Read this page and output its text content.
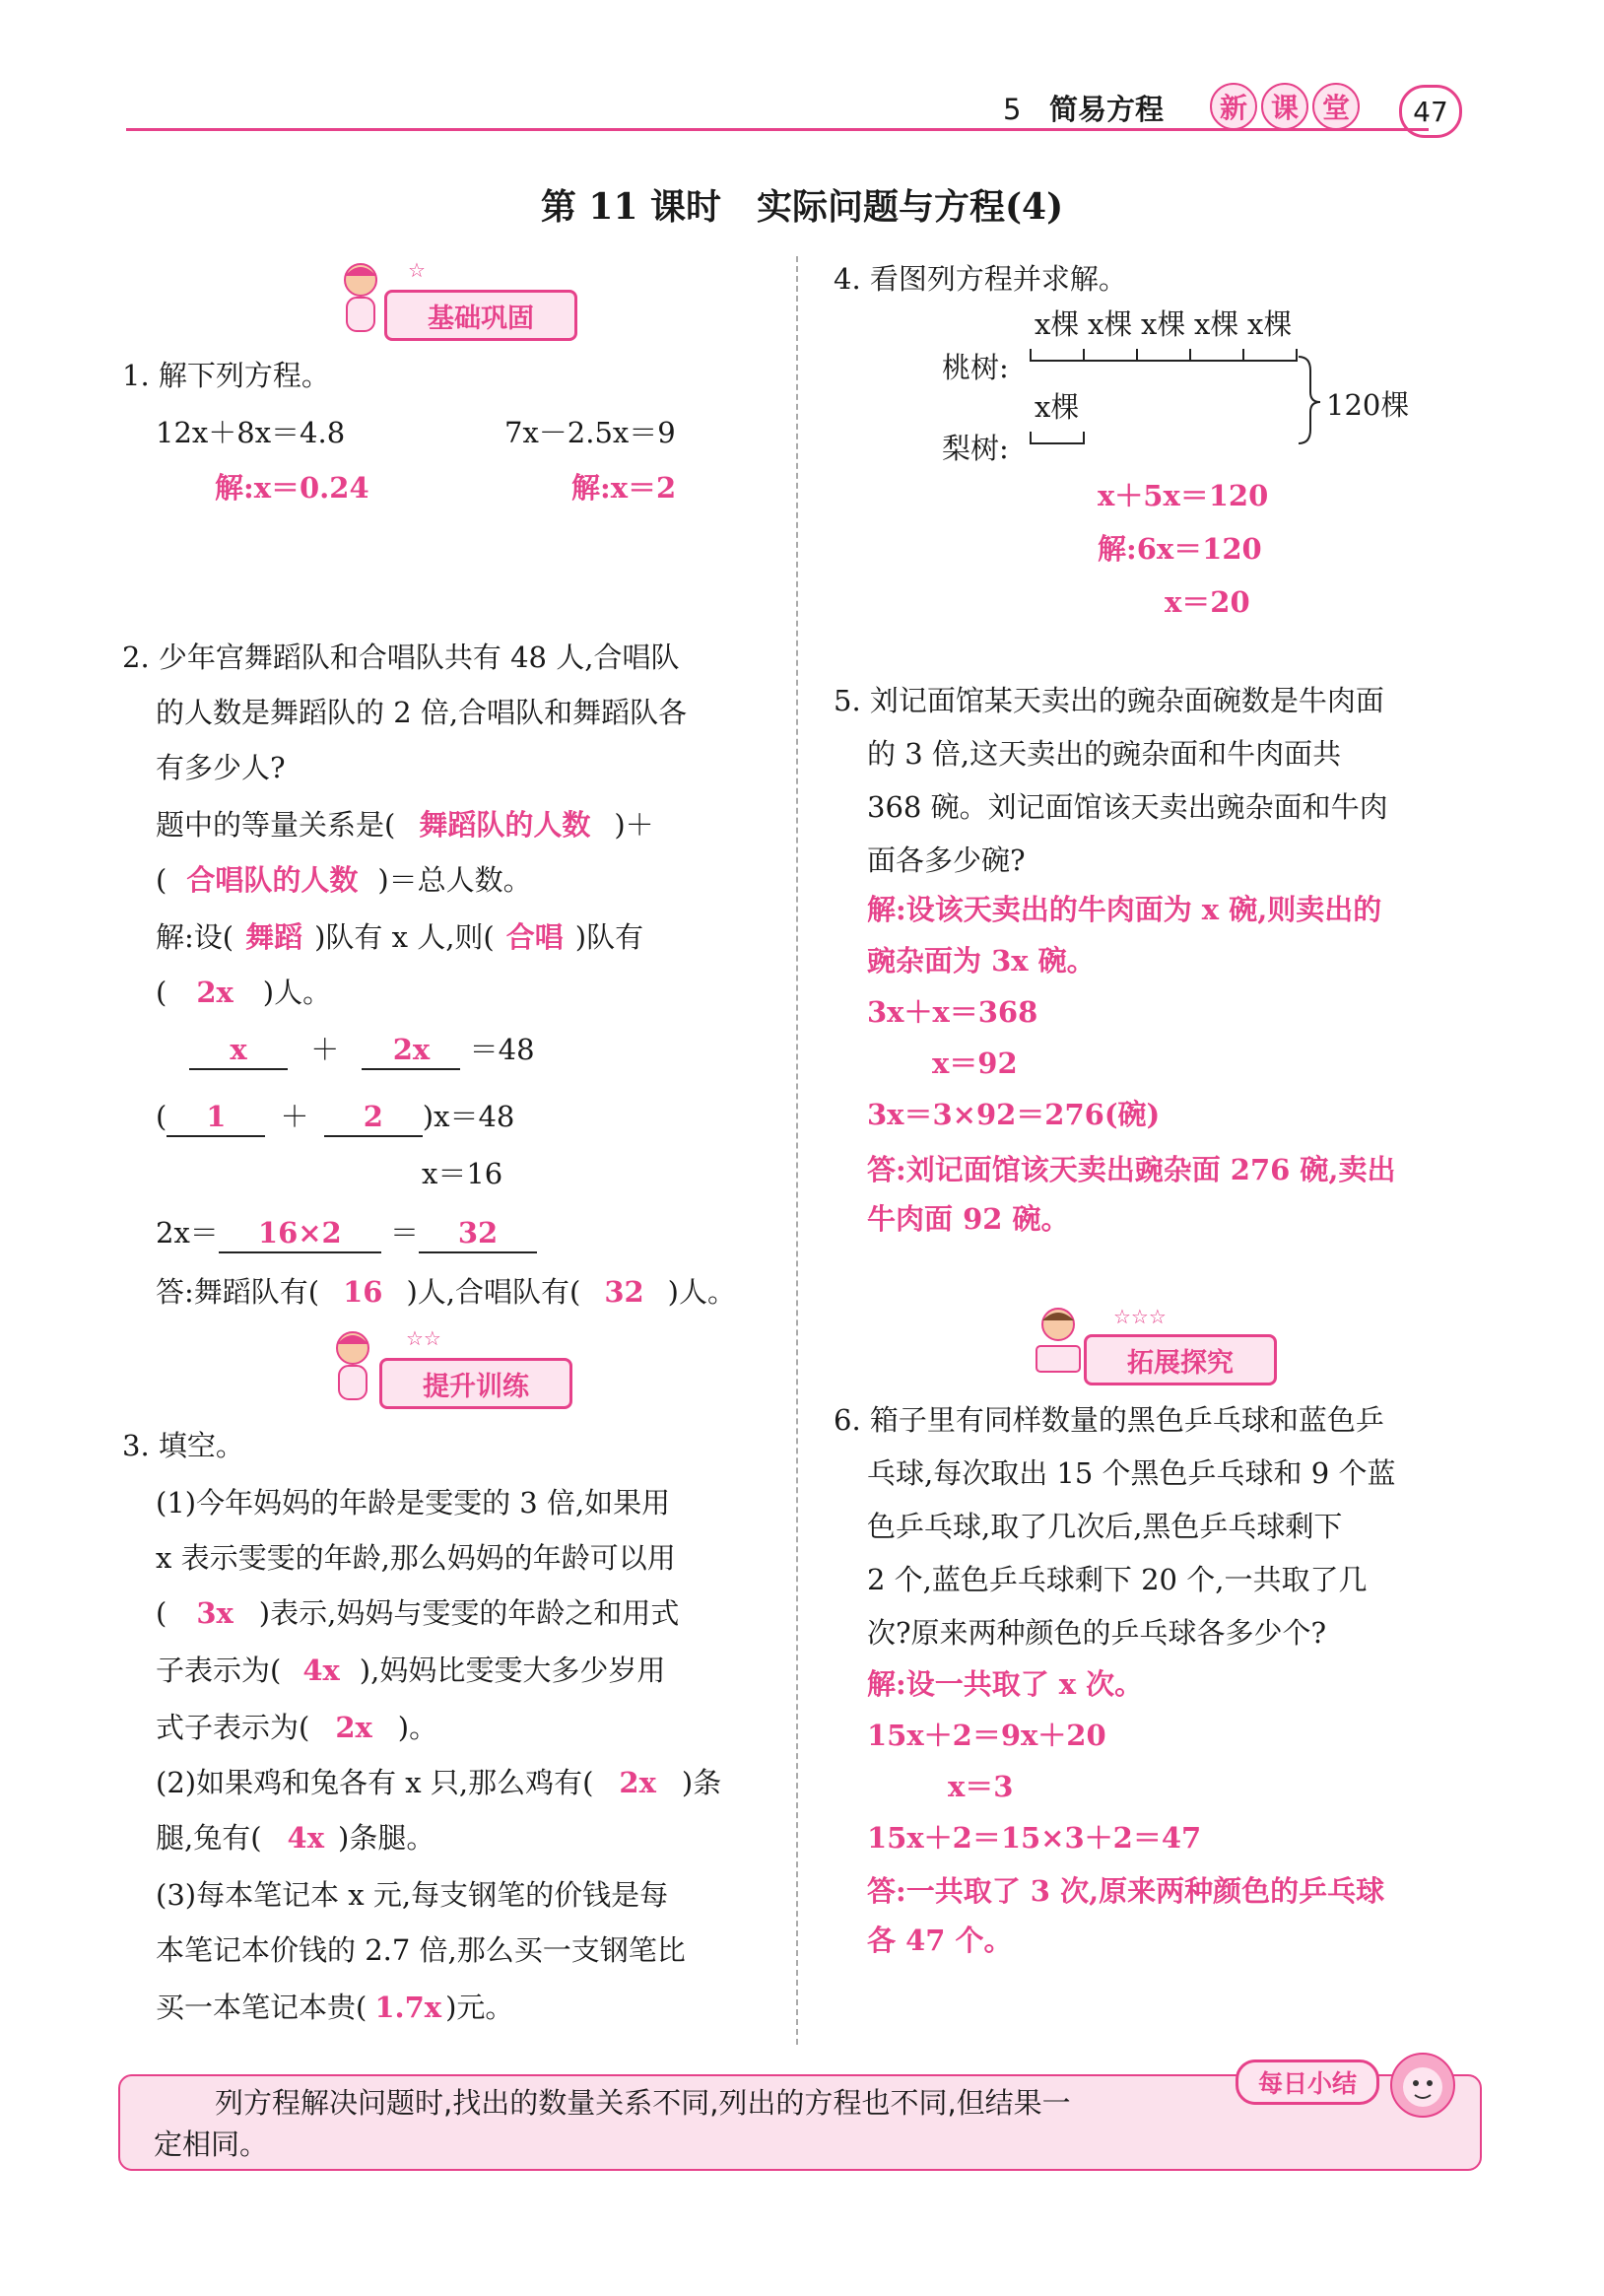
5 简易方程	新 课 堂	47
第 11 课时　实际问题与方程(4)
☆
基础巩固
1. 解下列方程。
12x＋8x＝4.8	7x－2.5x＝9
解:x＝0.24	解:x＝2
2. 少年宫舞蹈队和合唱队共有 48 人,合唱队
的人数是舞蹈队的 2 倍,合唱队和舞蹈队各
有多少人?
题中的等量关系是( 舞蹈队的人数 )＋
( 合唱队的人数 )＝总人数。
解:设( 舞蹈 )队有 x 人,则( 合唱 )队有
( 2x )人。
x ＋ 2x ＝48
( 1 ＋ 2 )x＝48
x＝16
2x＝ 16×2 ＝ 32
答:舞蹈队有( 16 )人,合唱队有( 32 )人。
☆☆
提升训练
3. 填空。
(1)今年妈妈的年龄是雯雯的 3 倍,如果用
x 表示雯雯的年龄,那么妈妈的年龄可以用
( 3x )表示,妈妈与雯雯的年龄之和用式
子表示为( 4x ),妈妈比雯雯大多少岁用
式子表示为( 2x )。
(2)如果鸡和兔各有 x 只,那么鸡有( 2x )条
腿,兔有( 4x )条腿。
(3)每本笔记本 x 元,每支钢笔的价钱是每
本笔记本价钱的 2.7 倍,那么买一支钢笔比
买一本笔记本贵( 1.7x )元。
4. 看图列方程并求解。
桃树:
梨树:
x棵 x棵 x棵 x棵 x棵
x棵	120棵
x＋5x＝120
解:6x＝120
x＝20
5. 刘记面馆某天卖出的豌杂面碗数是牛肉面
的 3 倍,这天卖出的豌杂面和牛肉面共
368 碗。刘记面馆该天卖出豌杂面和牛肉
面各多少碗?
解:设该天卖出的牛肉面为 x 碗,则卖出的
豌杂面为 3x 碗。
3x＋x＝368
x＝92
3x＝3×92＝276(碗)
答:刘记面馆该天卖出豌杂面 276 碗,卖出
牛肉面 92 碗。
☆☆☆
拓展探究
6. 箱子里有同样数量的黑色乒乓球和蓝色乒
乓球,每次取出 15 个黑色乒乓球和 9 个蓝
色乒乓球,取了几次后,黑色乒乓球剩下
2 个,蓝色乒乓球剩下 20 个,一共取了几
次?原来两种颜色的乒乓球各多少个?
解:设一共取了 x 次。
15x＋2＝9x＋20
x＝3
15x＋2＝15×3＋2＝47
答:一共取了 3 次,原来两种颜色的乒乓球
各 47 个。
列方程解决问题时,找出的数量关系不同,列出的方程也不同,但结果一
定相同。
每日小结
